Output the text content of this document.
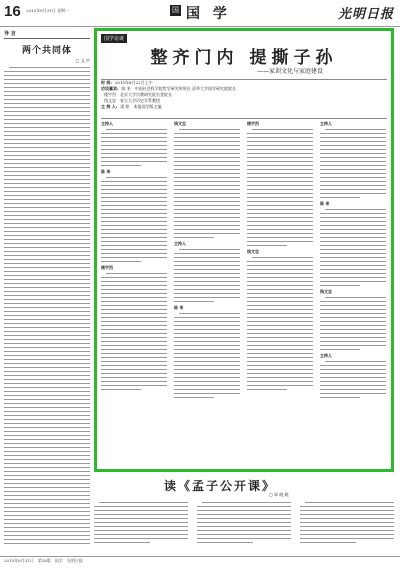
16 2015年8月31日 星期一	国 国 学	光明日报
导 言
两个共同体
□ 文 中
国学访谈
整齐门内 提撕子孙
——家训文化与家庭建设
时 间: 2015年8月22日上午
访谈嘉宾: 陈 来　中国社会科学院哲学研究所所长 清华大学国学研究院院长
楼宇烈　北京大学宗教研究院名誉院长
钱文忠　复旦大学历史学系教授
主 持 人: 梁 枢　本报国学版主编
主持人
陈 来
楼宇烈
钱文忠
主持人
陈 来
楼宇烈
钱文忠
主持人
陈 来
钱文忠
主持人
读《孟子公开课》
□ 章 晓 晓
2015年8月31日　第16版　国学　光明日报
